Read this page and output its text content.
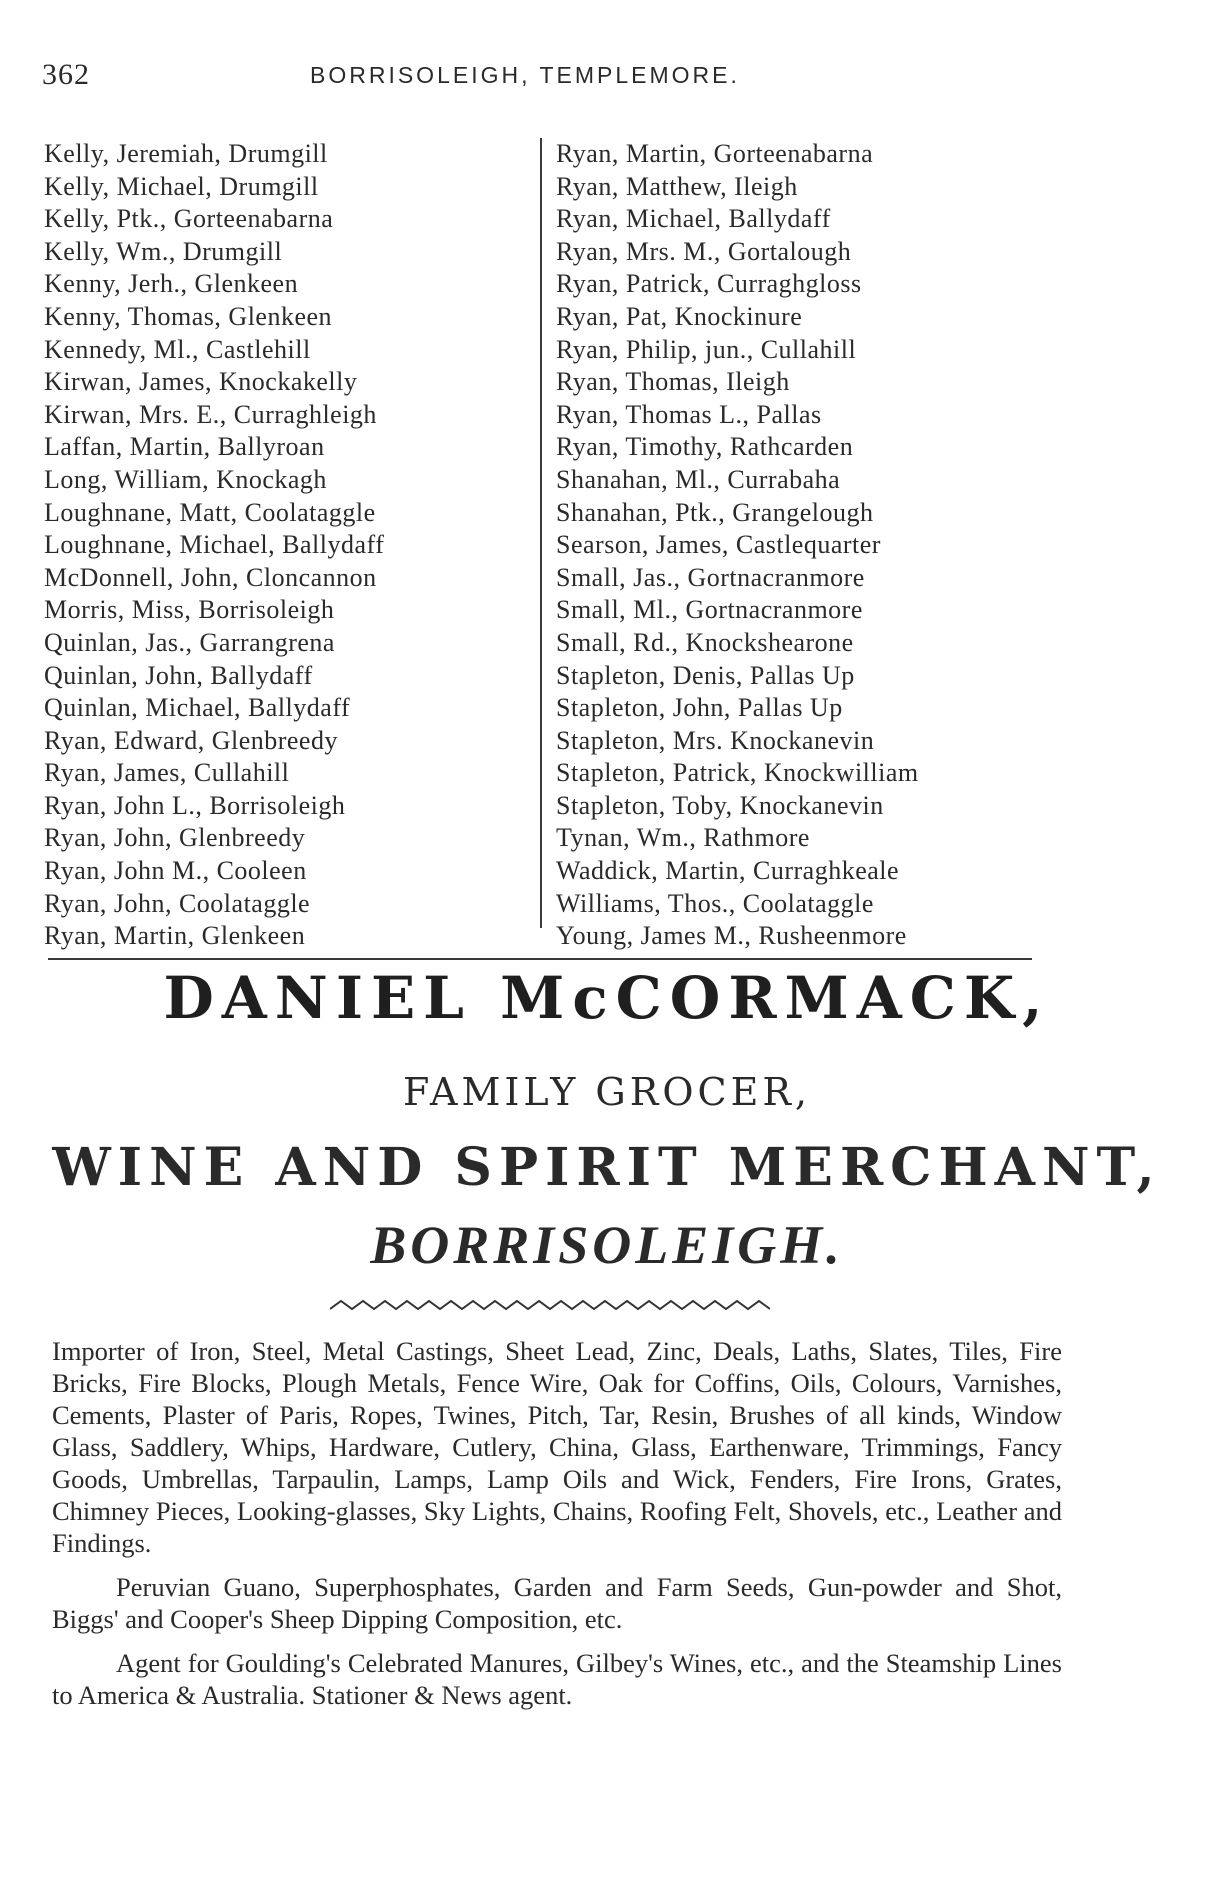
362	BORRISOLEIGH, TEMPLEMORE.
Kelly, Jeremiah, Drumgill
Kelly, Michael, Drumgill
Kelly, Ptk., Gorteenabarna
Kelly, Wm., Drumgill
Kenny, Jerh., Glenkeen
Kenny, Thomas, Glenkeen
Kennedy, Ml., Castlehill
Kirwan, James, Knockakelly
Kirwan, Mrs. E., Curraghleigh
Laffan, Martin, Ballyroan
Long, William, Knockagh
Loughnane, Matt, Coolataggle
Loughnane, Michael, Ballydaff
McDonnell, John, Cloncannon
Morris, Miss, Borrisoleigh
Quinlan, Jas., Garrangrena
Quinlan, John, Ballydaff
Quinlan, Michael, Ballydaff
Ryan, Edward, Glenbreedy
Ryan, James, Cullahill
Ryan, John L., Borrisoleigh
Ryan, John, Glenbreedy
Ryan, John M., Cooleen
Ryan, John, Coolataggle
Ryan, Martin, Glenkeen
Ryan, Martin, Gorteenabarna
Ryan, Matthew, Ileigh
Ryan, Michael, Ballydaff
Ryan, Mrs. M., Gortalough
Ryan, Patrick, Curraghgloss
Ryan, Pat, Knockinure
Ryan, Philip, jun., Cullahill
Ryan, Thomas, Ileigh
Ryan, Thomas L., Pallas
Ryan, Timothy, Rathcarden
Shanahan, Ml., Currabaha
Shanahan, Ptk., Grangelough
Searson, James, Castlequarter
Small, Jas., Gortnacranmore
Small, Ml., Gortnacranmore
Small, Rd., Knockshearone
Stapleton, Denis, Pallas Up
Stapleton, John, Pallas Up
Stapleton, Mrs. Knockanevin
Stapleton, Patrick, Knockwilliam
Stapleton, Toby, Knockanevin
Tynan, Wm., Rathmore
Waddick, Martin, Curraghkeale
Williams, Thos., Coolataggle
Young, James M., Rusheenmore
DANIEL McCORMACK,
FAMILY GROCER,
WINE AND SPIRIT MERCHANT,
BORRISOLEIGH.

Importer of Iron, Steel, Metal Castings, Sheet Lead, Zinc, Deals, Laths, Slates, Tiles, Fire Bricks, Fire Blocks, Plough Metals, Fence Wire, Oak for Coffins, Oils, Colours, Varnishes, Cements, Plaster of Paris, Ropes, Twines, Pitch, Tar, Resin, Brushes of all kinds, Window Glass, Saddlery, Whips, Hardware, Cutlery, China, Glass, Earthenware, Trimmings, Fancy Goods, Umbrellas, Tarpaulin, Lamps, Lamp Oils and Wick, Fenders, Fire Irons, Grates, Chimney Pieces, Looking-glasses, Sky Lights, Chains, Roofing Felt, Shovels, etc., Leather and Findings.

Peruvian Guano, Superphosphates, Garden and Farm Seeds, Gun-powder and Shot, Biggs' and Cooper's Sheep Dipping Composition, etc.

Agent for Goulding's Celebrated Manures, Gilbey's Wines, etc., and the Steamship Lines to America & Australia. Stationer & News agent.
